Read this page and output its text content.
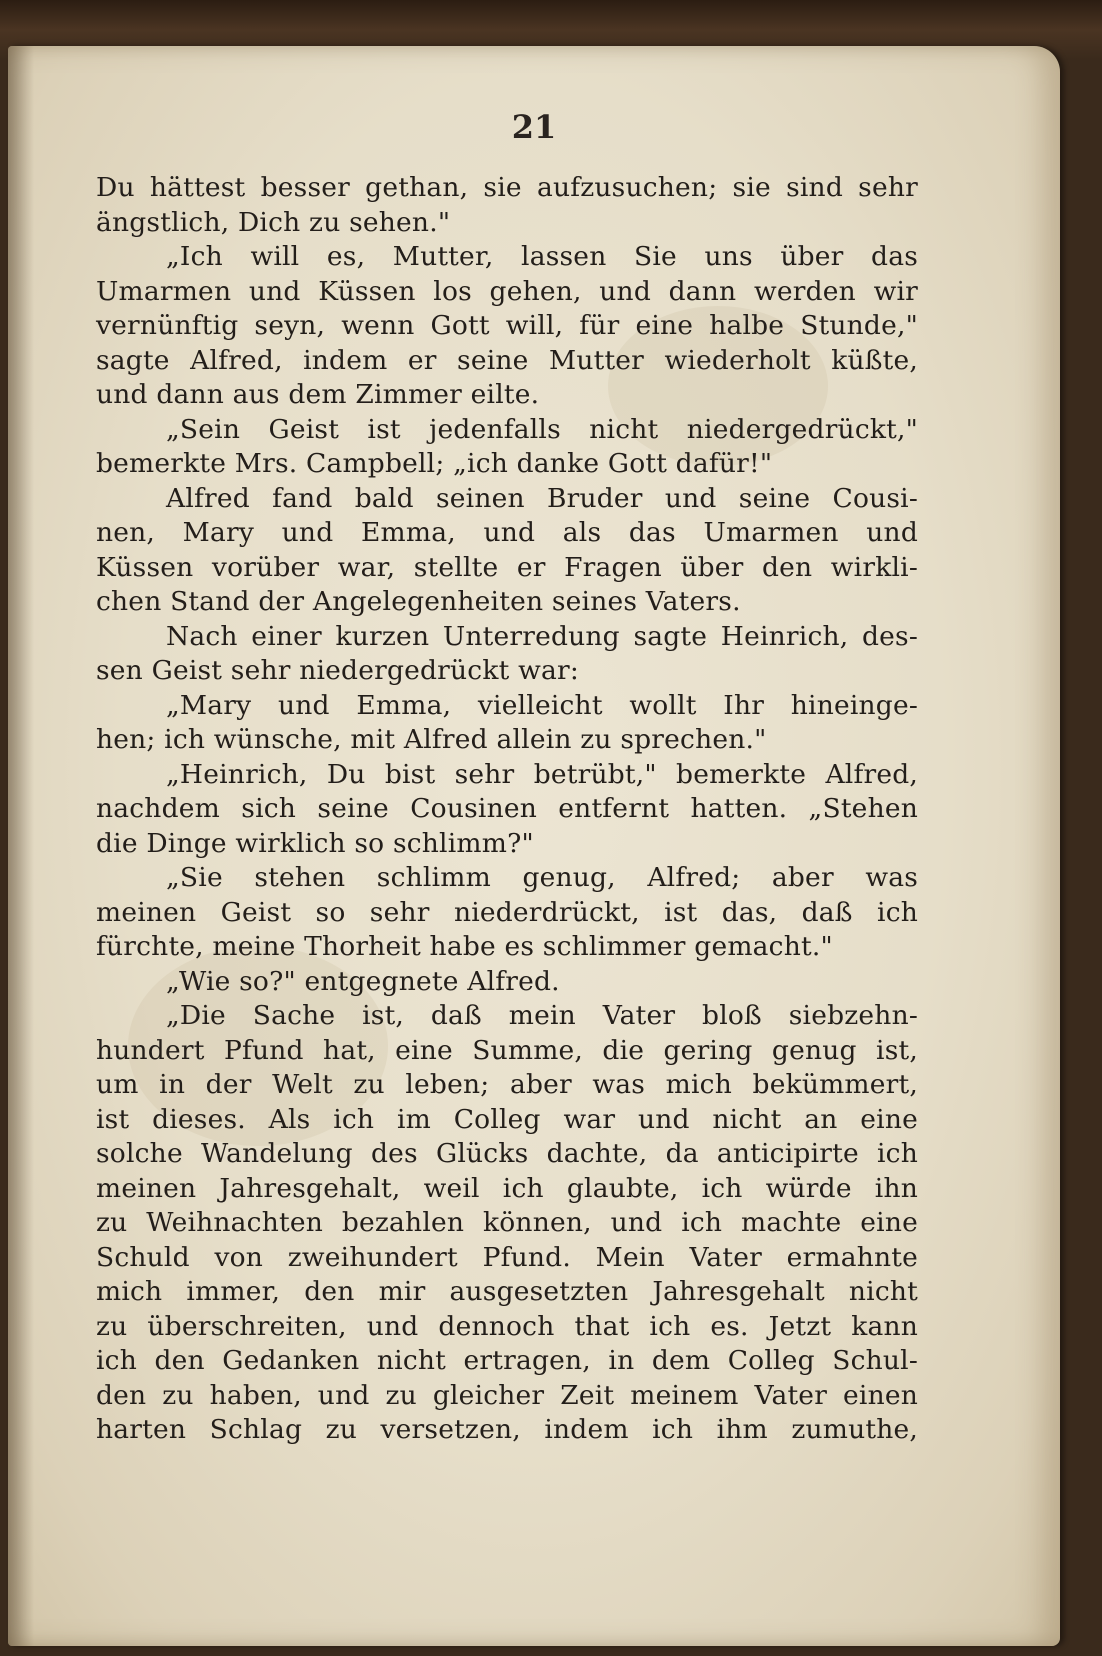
21
Du hättest besser gethan, sie aufzusuchen; sie sind sehr
ängstlich, Dich zu sehen."
„Ich will es, Mutter, lassen Sie uns über das
Umarmen und Küssen los gehen, und dann werden wir
vernünftig seyn, wenn Gott will, für eine halbe Stunde,"
sagte Alfred, indem er seine Mutter wiederholt küßte,
und dann aus dem Zimmer eilte.
„Sein Geist ist jedenfalls nicht niedergedrückt,"
bemerkte Mrs. Campbell; „ich danke Gott dafür!"
Alfred fand bald seinen Bruder und seine Cousi-
nen, Mary und Emma, und als das Umarmen und
Küssen vorüber war, stellte er Fragen über den wirkli-
chen Stand der Angelegenheiten seines Vaters.
Nach einer kurzen Unterredung sagte Heinrich, des-
sen Geist sehr niedergedrückt war:
„Mary und Emma, vielleicht wollt Ihr hineinge-
hen; ich wünsche, mit Alfred allein zu sprechen."
„Heinrich, Du bist sehr betrübt," bemerkte Alfred,
nachdem sich seine Cousinen entfernt hatten. „Stehen
die Dinge wirklich so schlimm?"
„Sie stehen schlimm genug, Alfred; aber was
meinen Geist so sehr niederdrückt, ist das, daß ich
fürchte, meine Thorheit habe es schlimmer gemacht."
„Wie so?" entgegnete Alfred.
„Die Sache ist, daß mein Vater bloß siebzehn-
hundert Pfund hat, eine Summe, die gering genug ist,
um in der Welt zu leben; aber was mich bekümmert,
ist dieses. Als ich im Colleg war und nicht an eine
solche Wandelung des Glücks dachte, da anticipirte ich
meinen Jahresgehalt, weil ich glaubte, ich würde ihn
zu Weihnachten bezahlen können, und ich machte eine
Schuld von zweihundert Pfund. Mein Vater ermahnte
mich immer, den mir ausgesetzten Jahresgehalt nicht
zu überschreiten, und dennoch that ich es. Jetzt kann
ich den Gedanken nicht ertragen, in dem Colleg Schul-
den zu haben, und zu gleicher Zeit meinem Vater einen
harten Schlag zu versetzen, indem ich ihm zumuthe,
